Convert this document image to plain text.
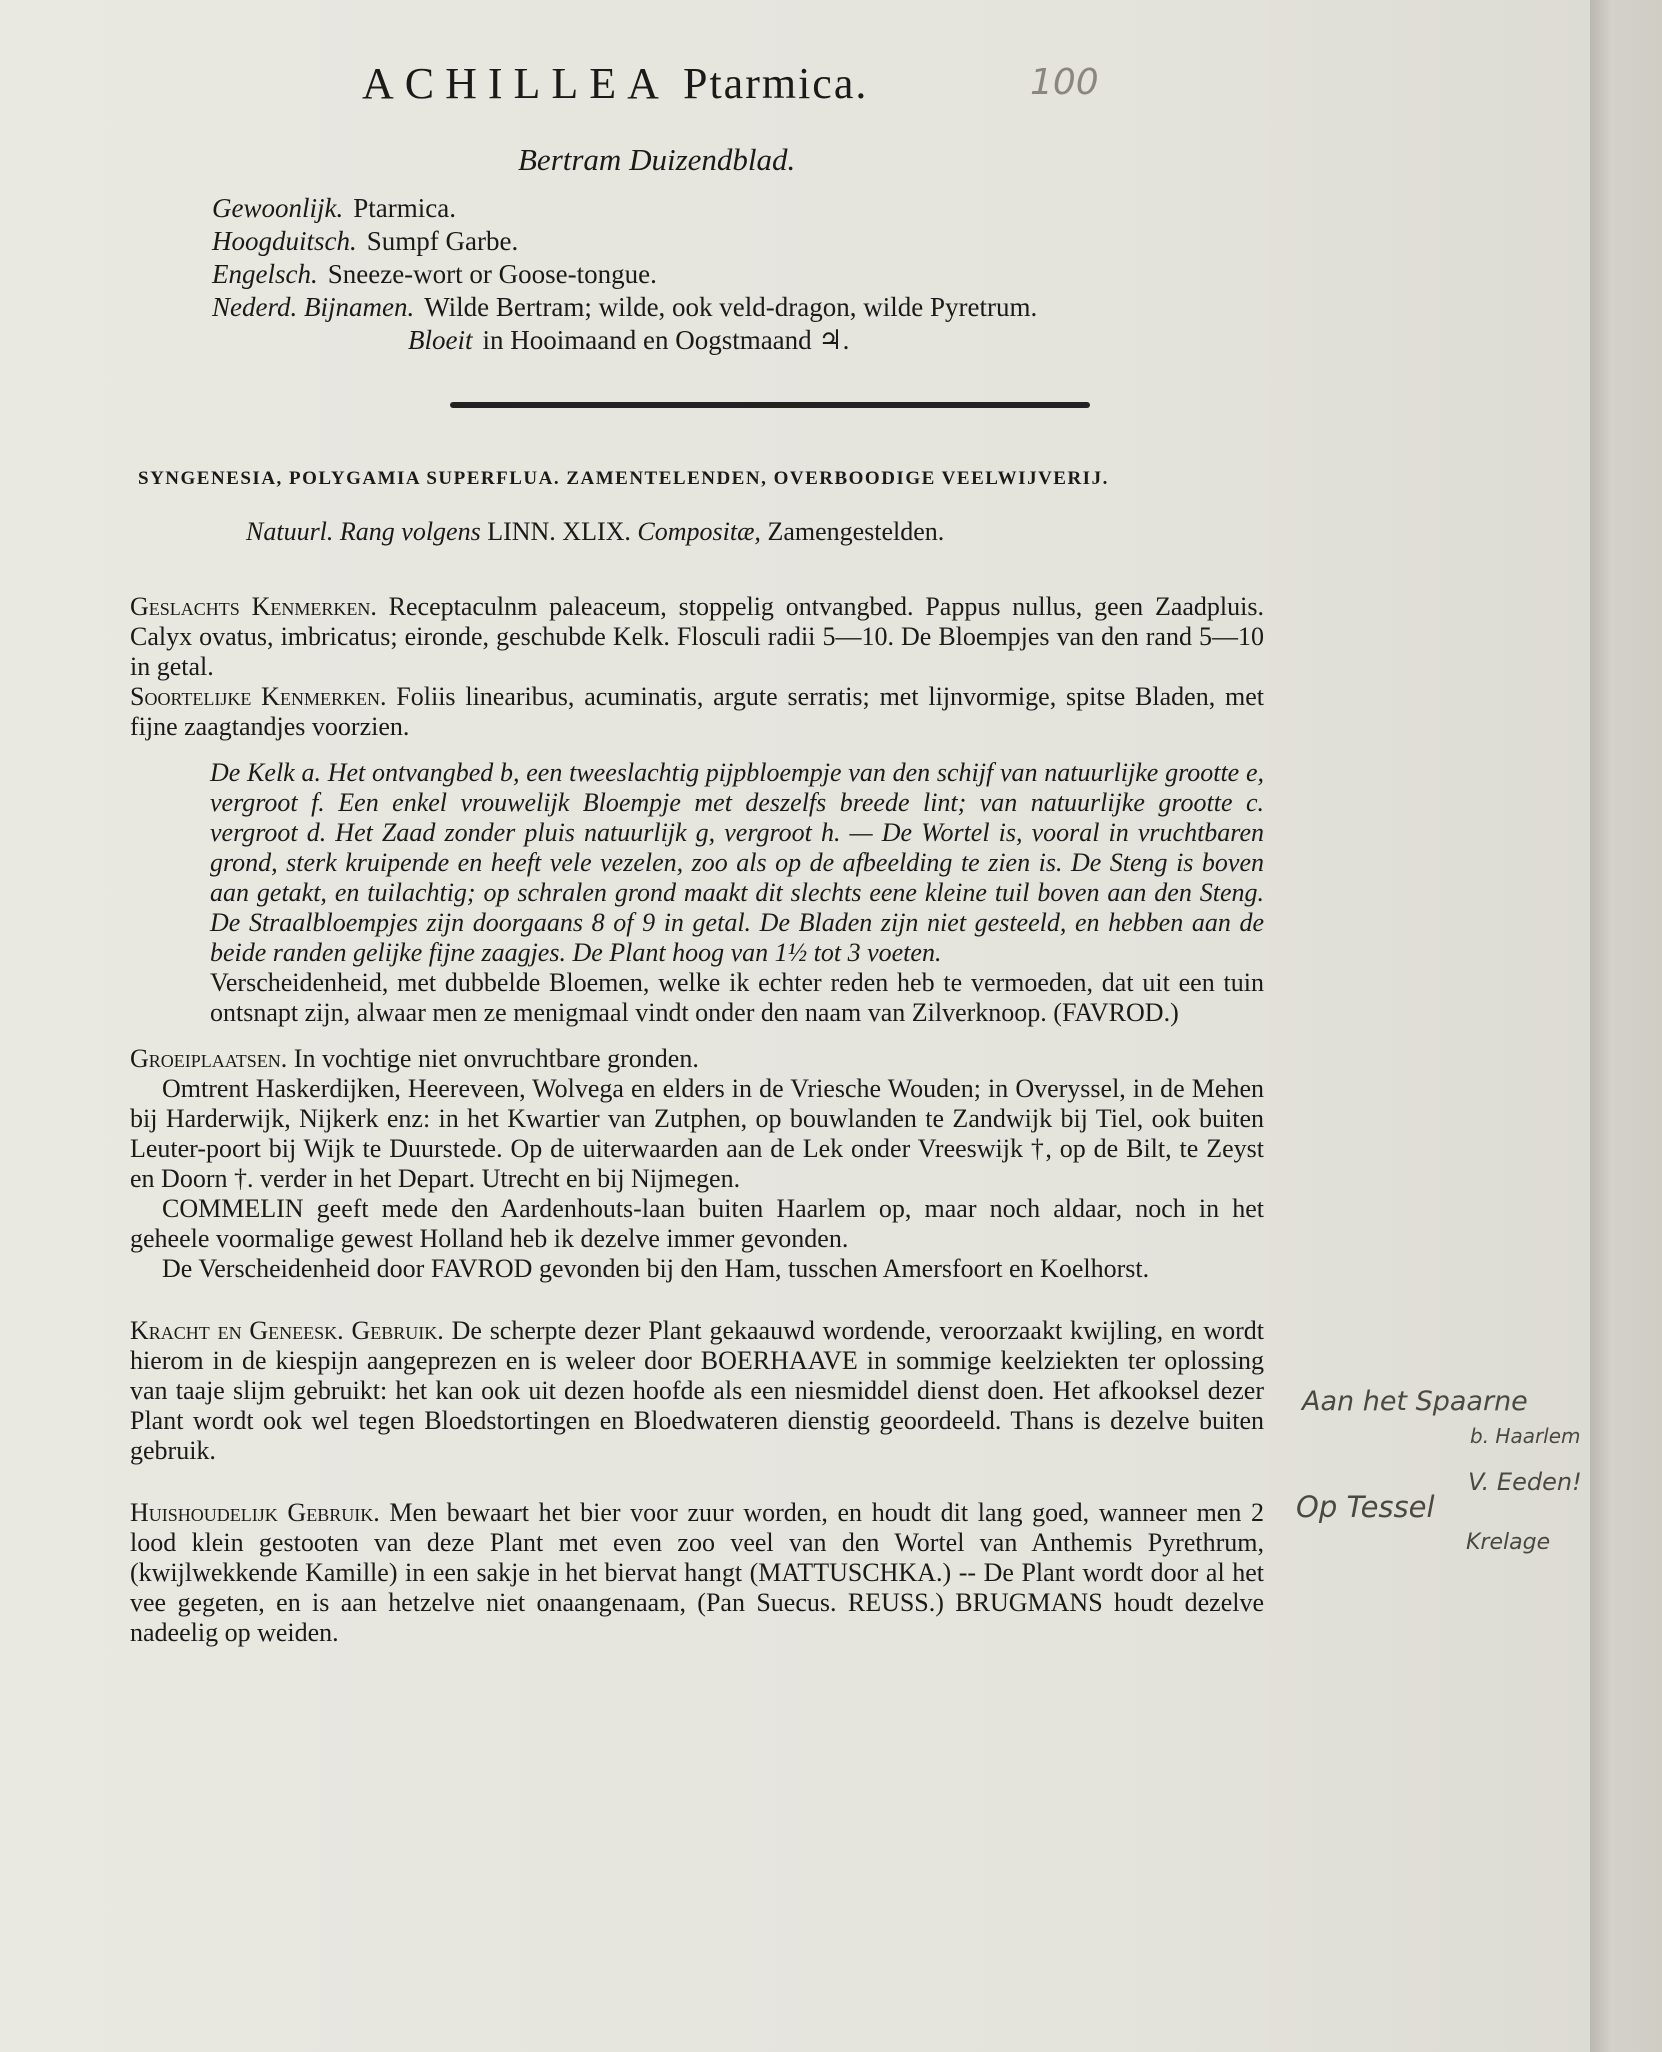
ACHILLEA Ptarmica.	100
Bertram Duizendblad.
Gewoonlijk. Ptarmica.
Hoogduitsch. Sumpf Garbe.
Engelsch. Sneeze-wort or Goose-tongue.
Nederd. Bijnamen. Wilde Bertram; wilde, ook veld-dragon, wilde Pyretrum.
Bloeit in Hooimaand en Oogstmaand ♃.
SYNGENESIA, POLYGAMIA SUPERFLUA. ZAMENTELENDEN, OVERBOODIGE VEELWIJVERIJ.
Natuurl. Rang volgens LINN. XLIX. Compositæ, Zamengestelden.

Geslachts Kenmerken. Receptaculnm paleaceum, stoppelig ontvangbed. Pappus nullus, geen Zaadpluis. Calyx ovatus, imbricatus; eironde, geschubde Kelk. Flosculi radii 5—10. De Bloempjes van den rand 5—10 in getal.

Soortelijke Kenmerken. Foliis linearibus, acuminatis, argute serratis; met lijnvormige, spitse Bladen, met fijne zaagtandjes voorzien.

De Kelk a. Het ontvangbed b, een tweeslachtig pijpbloempje van den schijf van natuurlijke grootte e, vergroot f. Een enkel vrouwelijk Bloempje met deszelfs breede lint; van natuurlijke grootte c. vergroot d. Het Zaad zonder pluis natuurlijk g, vergroot h. — De Wortel is, vooral in vruchtbaren grond, sterk kruipende en heeft vele vezelen, zoo als op de afbeelding te zien is. De Steng is boven aan getakt, en tuilachtig; op schralen grond maakt dit slechts eene kleine tuil boven aan den Steng. De Straalbloempjes zijn doorgaans 8 of 9 in getal. De Bladen zijn niet gesteeld, en hebben aan de beide randen gelijke fijne zaagjes. De Plant hoog van 1½ tot 3 voeten.

Verscheidenheid, met dubbelde Bloemen, welke ik echter reden heb te vermoeden, dat uit een tuin ontsnapt zijn, alwaar men ze menigmaal vindt onder den naam van Zilverknoop. (FAVROD.)

Groeiplaatsen. In vochtige niet onvruchtbare gronden.

Omtrent Haskerdijken, Heereveen, Wolvega en elders in de Vriesche Wouden; in Overyssel, in de Mehen bij Harderwijk, Nijkerk enz: in het Kwartier van Zutphen, op bouwlanden te Zandwijk bij Tiel, ook buiten Leuter-poort bij Wijk te Duurstede. Op de uiterwaarden aan de Lek onder Vreeswijk †, op de Bilt, te Zeyst en Doorn †. verder in het Depart. Utrecht en bij Nijmegen.

COMMELIN geeft mede den Aardenhouts-laan buiten Haarlem op, maar noch aldaar, noch in het geheele voormalige gewest Holland heb ik dezelve immer gevonden.

De Verscheidenheid door FAVROD gevonden bij den Ham, tusschen Amersfoort en Koelhorst.

Kracht en Geneesk. Gebruik. De scherpte dezer Plant gekaauwd wordende, veroorzaakt kwijling, en wordt hierom in de kiespijn aangeprezen en is weleer door BOERHAAVE in sommige keelziekten ter oplossing van taaje slijm gebruikt: het kan ook uit dezen hoofde als een niesmiddel dienst doen. Het afkooksel dezer Plant wordt ook wel tegen Bloedstortingen en Bloedwateren dienstig geoordeeld. Thans is dezelve buiten gebruik.

Huishoudelijk Gebruik. Men bewaart het bier voor zuur worden, en houdt dit lang goed, wanneer men 2 lood klein gestooten van deze Plant met even zoo veel van den Wortel van Anthemis Pyrethrum, (kwijlwekkende Kamille) in een sakje in het biervat hangt (MATTUSCHKA.) -- De Plant wordt door al het vee gegeten, en is aan hetzelve niet onaangenaam, (Pan Suecus. REUSS.) BRUGMANS houdt dezelve nadeelig op weiden.

Aan het Spaarne
b. Haarlem
Op Tessel
V. Eeden!
Krelage
